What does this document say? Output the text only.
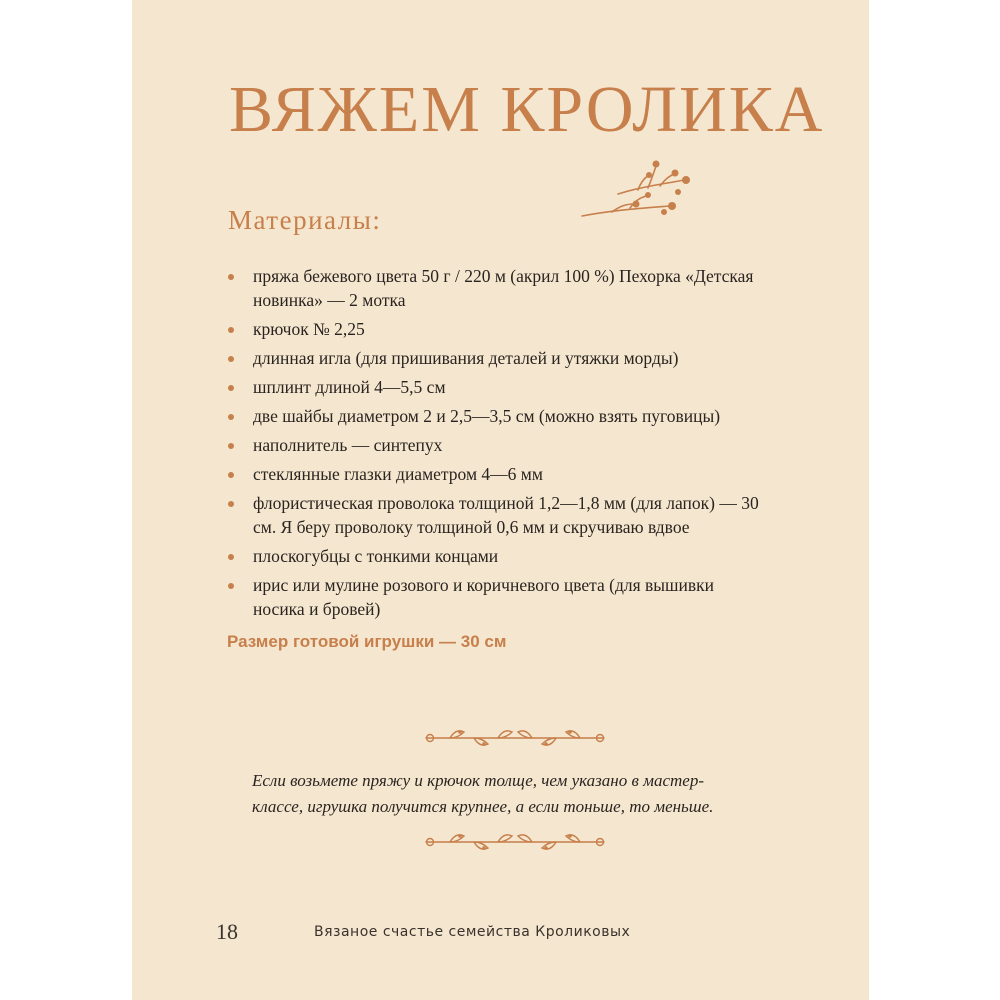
ВЯЖЕМ КРОЛИКА
Материалы:
пряжа бежевого цвета 50 г / 220 м (акрил 100 %) Пехорка «Детская новинка» — 2 мотка
крючок № 2,25
длинная игла (для пришивания деталей и утяжки морды)
шплинт длиной 4—5,5 см
две шайбы диаметром 2 и 2,5—3,5 см (можно взять пуговицы)
наполнитель — синтепух
стеклянные глазки диаметром 4—6 мм
флористическая проволока толщиной 1,2—1,8 мм (для лапок) — 30 см. Я беру проволоку толщиной 0,6 мм и скручиваю вдвое
плоскогубцы с тонкими концами
ирис или мулине розового и коричневого цвета (для вышивки носика и бровей)

Размер готовой игрушки — 30 см

Если возьмете пряжу и крючок толще, чем указано в мастер-классе, игрушка получится крупнее, а если тоньше, то меньше.

18	Вязаное счастье семейства Кроликовых
